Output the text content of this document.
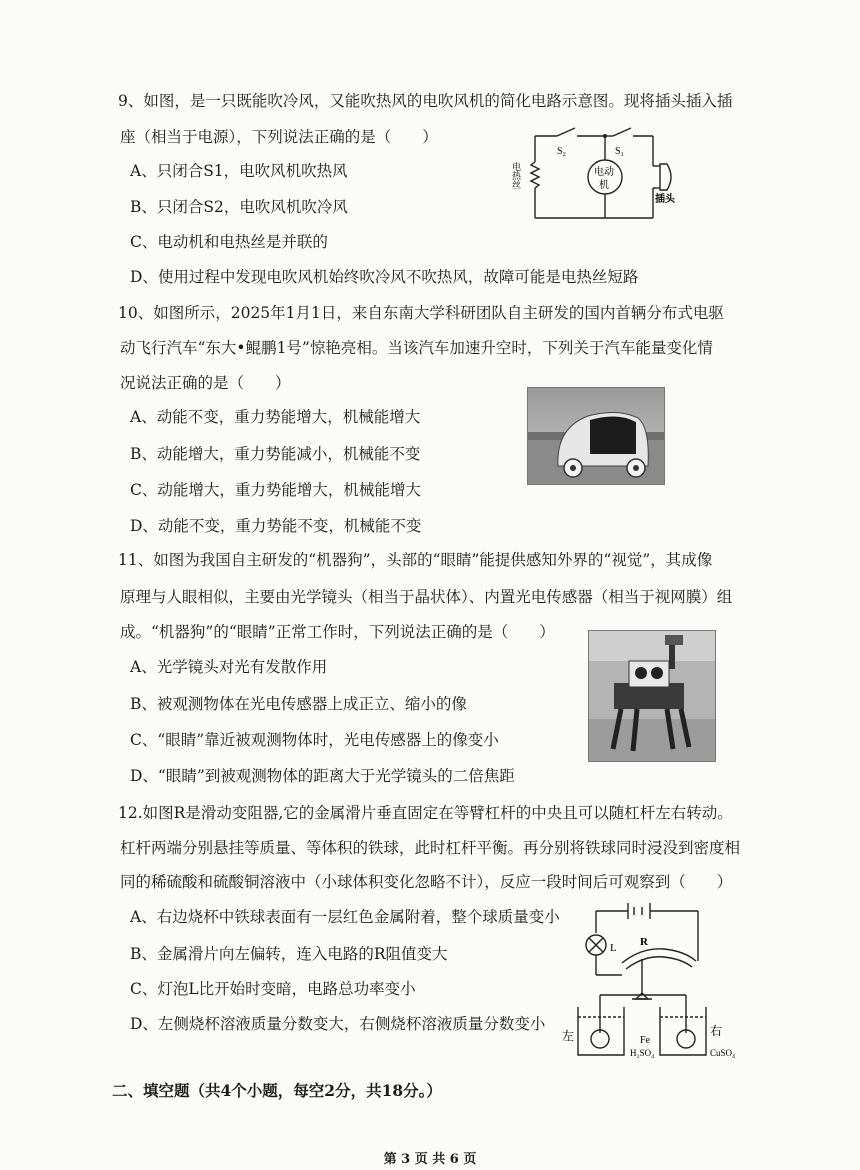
9、如图，是一只既能吹冷风，又能吹热风的电吹风机的简化电路示意图。现将插头插入插
座（相当于电源），下列说法正确的是（　　）
A、只闭合S1，电吹风机吹热风
B、只闭合S2，电吹风机吹冷风
C、电动机和电热丝是并联的
D、使用过程中发现电吹风机始终吹冷风不吹热风，故障可能是电热丝短路
S₂	S₁
电动
机
插头
电热丝
10、如图所示，2025年1月1日，来自东南大学科研团队自主研发的国内首辆分布式电驱
动飞行汽车“东大•鲲鹏1号”惊艳亮相。当该汽车加速升空时，下列关于汽车能量变化情
况说法正确的是（　　）
A、动能不变，重力势能增大，机械能增大
B、动能增大，重力势能减小，机械能不变
C、动能增大，重力势能增大，机械能增大
D、动能不变，重力势能不变，机械能不变
11、如图为我国自主研发的“机器狗”，头部的“眼睛”能提供感知外界的“视觉”，其成像
原理与人眼相似，主要由光学镜头（相当于晶状体）、内置光电传感器（相当于视网膜）组
成。“机器狗”的“眼睛”正常工作时，下列说法正确的是（　　）
A、光学镜头对光有发散作用
B、被观测物体在光电传感器上成正立、缩小的像
C、“眼睛”靠近被观测物体时，光电传感器上的像变小
D、“眼睛”到被观测物体的距离大于光学镜头的二倍焦距
12.如图R是滑动变阻器,它的金属滑片垂直固定在等臂杠杆的中央且可以随杠杆左右转动。
杠杆两端分别悬挂等质量、等体积的铁球，此时杠杆平衡。再分别将铁球同时浸没到密度相
同的稀硫酸和硫酸铜溶液中（小球体积变化忽略不计），反应一段时间后可观察到（　　）
A、右边烧杯中铁球表面有一层红色金属附着，整个球质量变小
B、金属滑片向左偏转，连入电路的R阻值变大
C、灯泡L比开始时变暗，电路总功率变小
D、左侧烧杯溶液质量分数变大，右侧烧杯溶液质量分数变小
L R
左	右
Fe
H₂SO₄	CuSO₄
二、填空题（共4个小题，每空2分，共18分。）
第 3 页 共 6 页
